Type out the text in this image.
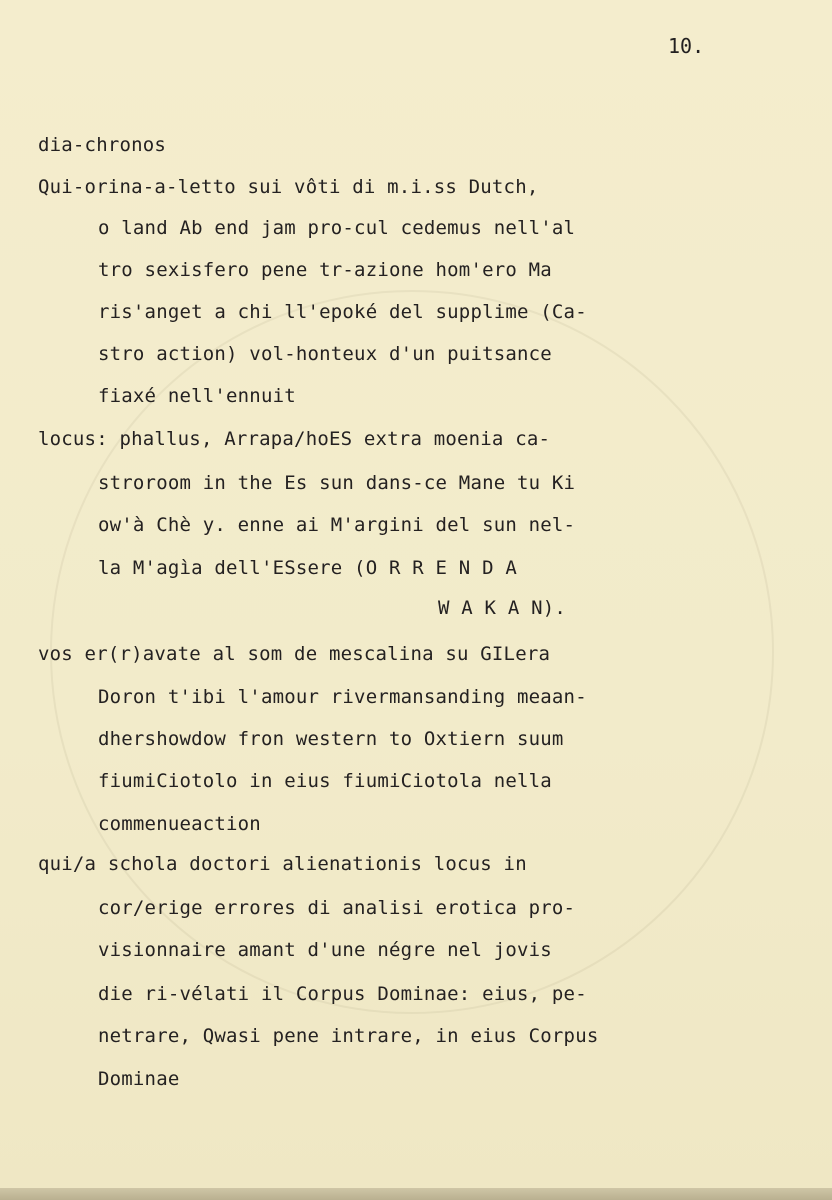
10.
dia-chronos
Qui-orina-a-letto sui vôti di m.i.ss Dutch,
o land Ab end jam pro-cul cedemus nell'al
tro sexisfero pene tr-azione hom'ero Ma
ris'anget a chi ll'epoké del supplime (Ca-
stro action) vol-honteux d'un puitsance
fiaxé nell'ennuit
locus: phallus, Arrapa/hoES extra moenia ca-
stroroom in the Es sun dans-ce Mane tu Ki
ow'à Chè y. enne ai M'argini del sun nel-
la M'agìa dell'ESsere (O R R E N D A
W A K A N).
vos er(r)avate al som de mescalina su GILera
Doron t'ibi l'amour rivermansanding meaan-
dhershowdow fron western to Oxtiern suum
fiumiCiotolo in eius fiumiCiotola nella
commenueaction
qui/a schola doctori alienationis locus in
cor/erige errores di analisi erotica pro-
visionnaire amant d'une négre nel jovis
die ri-vélati il Corpus Dominae: eius, pe-
netrare, Qwasi pene intrare, in eius Corpus
Dominae
